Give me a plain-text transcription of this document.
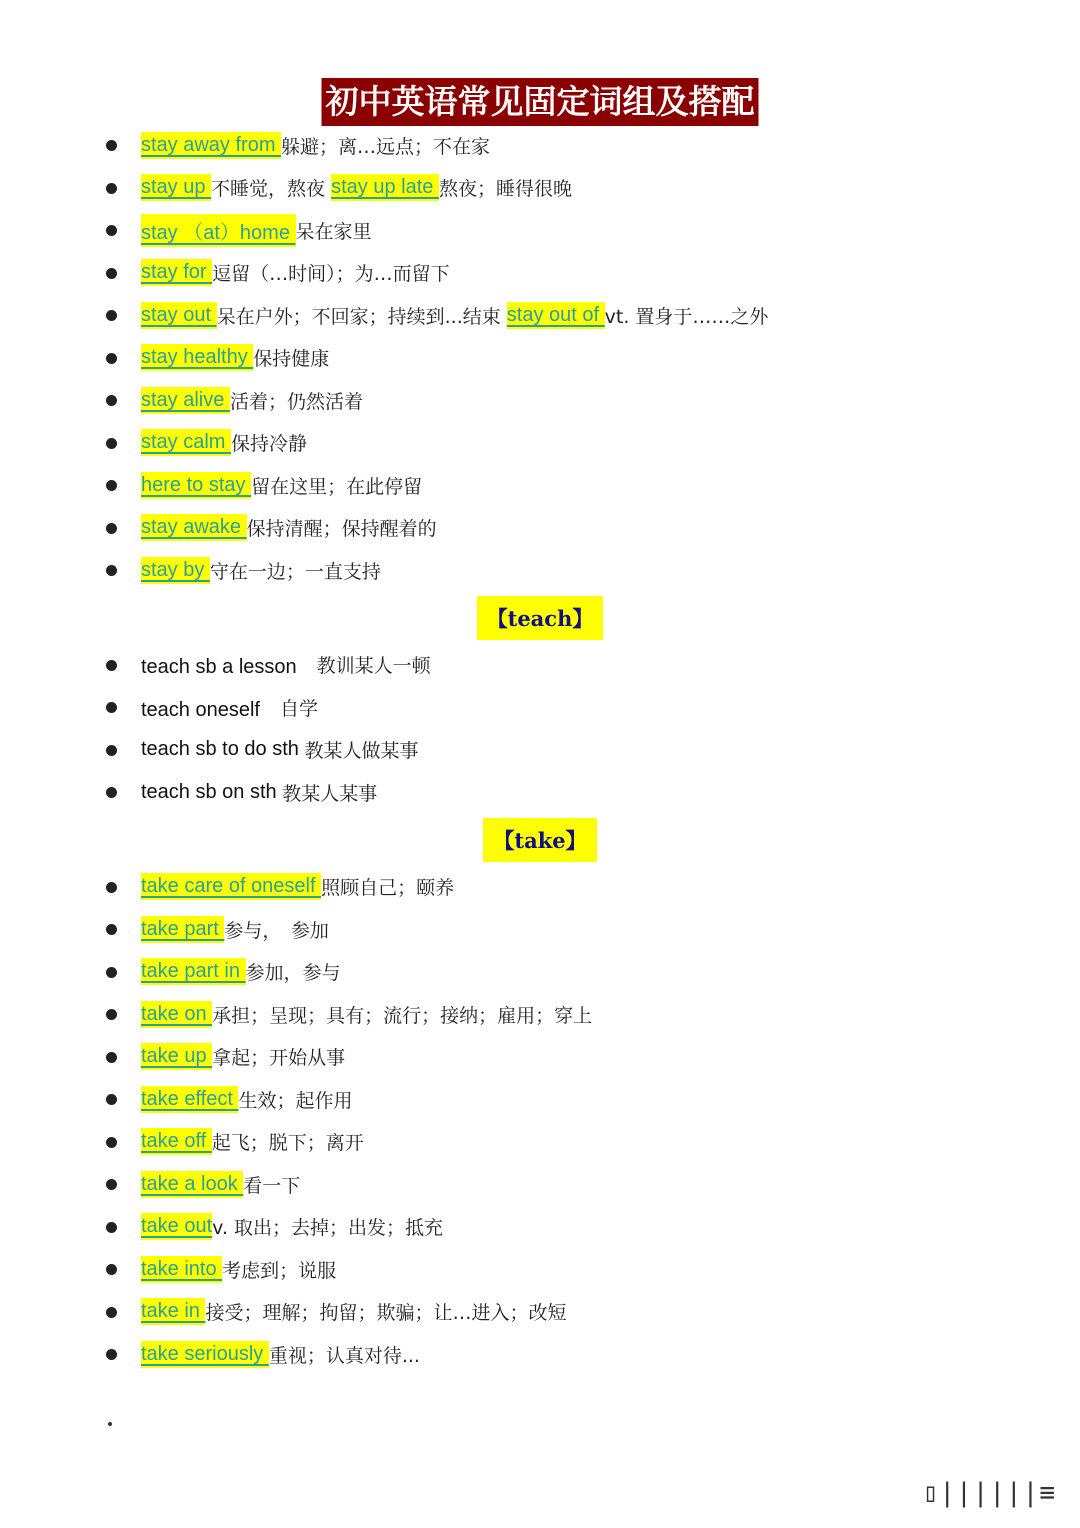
初中英语常见固定词组及搭配
stay away from 躲避；离…远点；不在家
stay up 不睡觉，熬夜 stay up late 熬夜；睡得很晚
stay （at）home 呆在家里
stay for 逗留（…时间）；为…而留下
stay out 呆在户外；不回家；持续到...结束 stay out of vt. 置身于……之外
stay healthy 保持健康
stay alive 活着；仍然活着
stay calm 保持冷静
here to stay 留在这里；在此停留
stay awake 保持清醒；保持醒着的
stay by 守在一边；一直支持
【teach】
teach sb a lesson　 教训某人一顿
teach oneself　 自学
teach sb to do sth 教某人做某事
teach sb on sth 教某人某事
【take】
take care of oneself 照顾自己；颐养
take part 参与，　参加
take part in 参加，参与
take on 承担；呈现；具有；流行；接纳；雇用；穿上
take up 拿起；开始从事
take effect 生效；起作用
take off 起飞；脱下；离开
take a look 看一下
take out v. 取出；去掉；出发；抵充
take into 考虑到；说服
take in 接受；理解；拘留；欺骗；让…进入；改短
take seriously 重视；认真对待...
▯||||||≡
